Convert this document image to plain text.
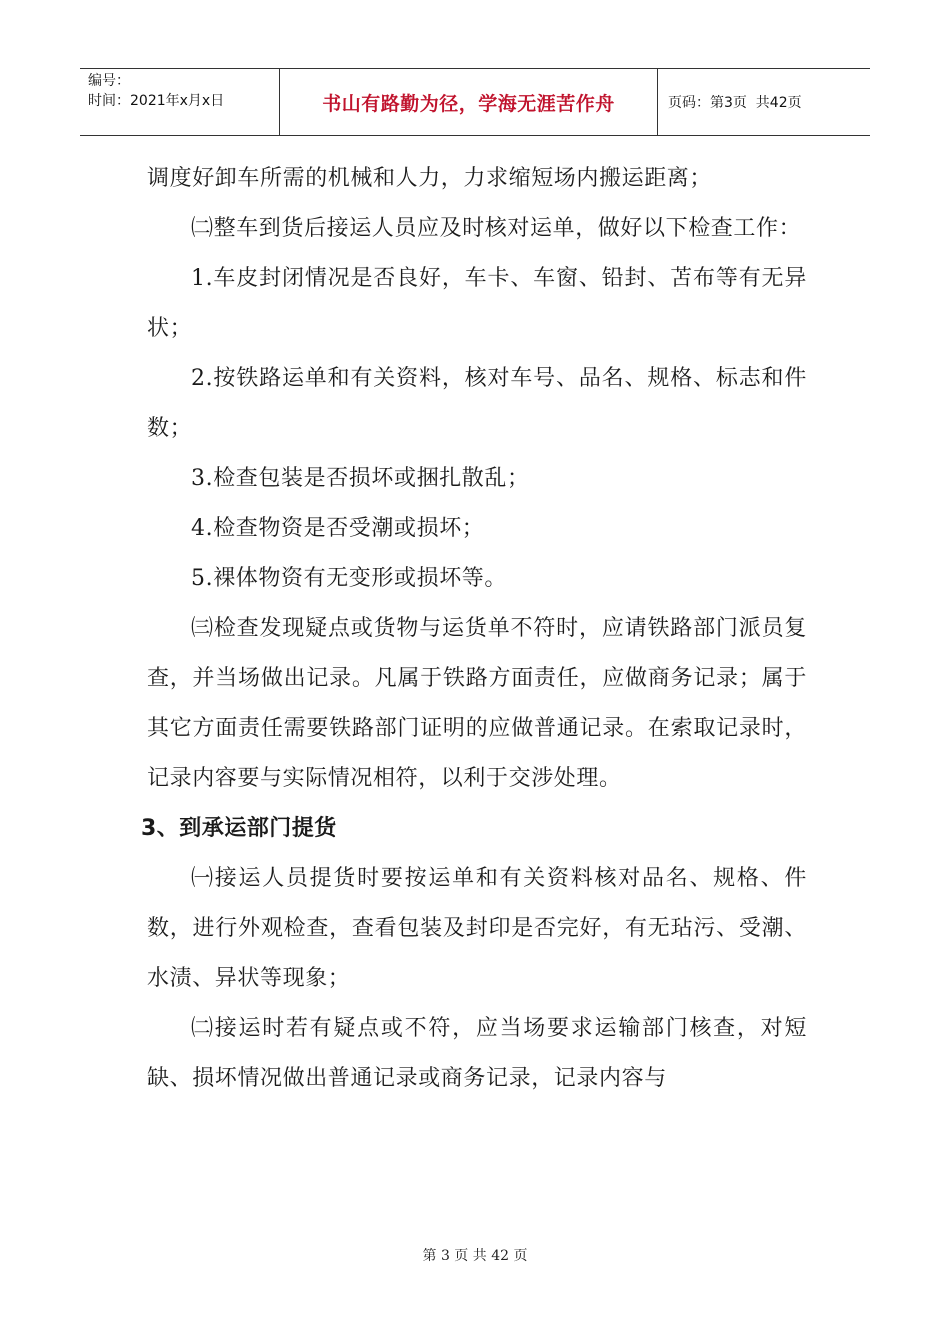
编号：
时间：2021年x月x日	书山有路勤为径，学海无涯苦作舟	页码：第3页  共42页

调度好卸车所需的机械和人力，力求缩短场内搬运距离；

㈡整车到货后接运人员应及时核对运单，做好以下检查工作：

1.车皮封闭情况是否良好，车卡、车窗、铅封、苫布等有无异状；

2.按铁路运单和有关资料，核对车号、品名、规格、标志和件数；

3.检查包装是否损坏或捆扎散乱；

4.检查物资是否受潮或损坏；

5.裸体物资有无变形或损坏等。

㈢检查发现疑点或货物与运货单不符时，应请铁路部门派员复查，并当场做出记录。凡属于铁路方面责任，应做商务记录；属于其它方面责任需要铁路部门证明的应做普通记录。在索取记录时，记录内容要与实际情况相符，以利于交涉处理。

3、到承运部门提货

㈠接运人员提货时要按运单和有关资料核对品名、规格、件数，进行外观检查，查看包装及封印是否完好，有无玷污、受潮、水渍、异状等现象；

㈡接运时若有疑点或不符，应当场要求运输部门核查，对短缺、损坏情况做出普通记录或商务记录，记录内容与

第 3 页 共 42 页
